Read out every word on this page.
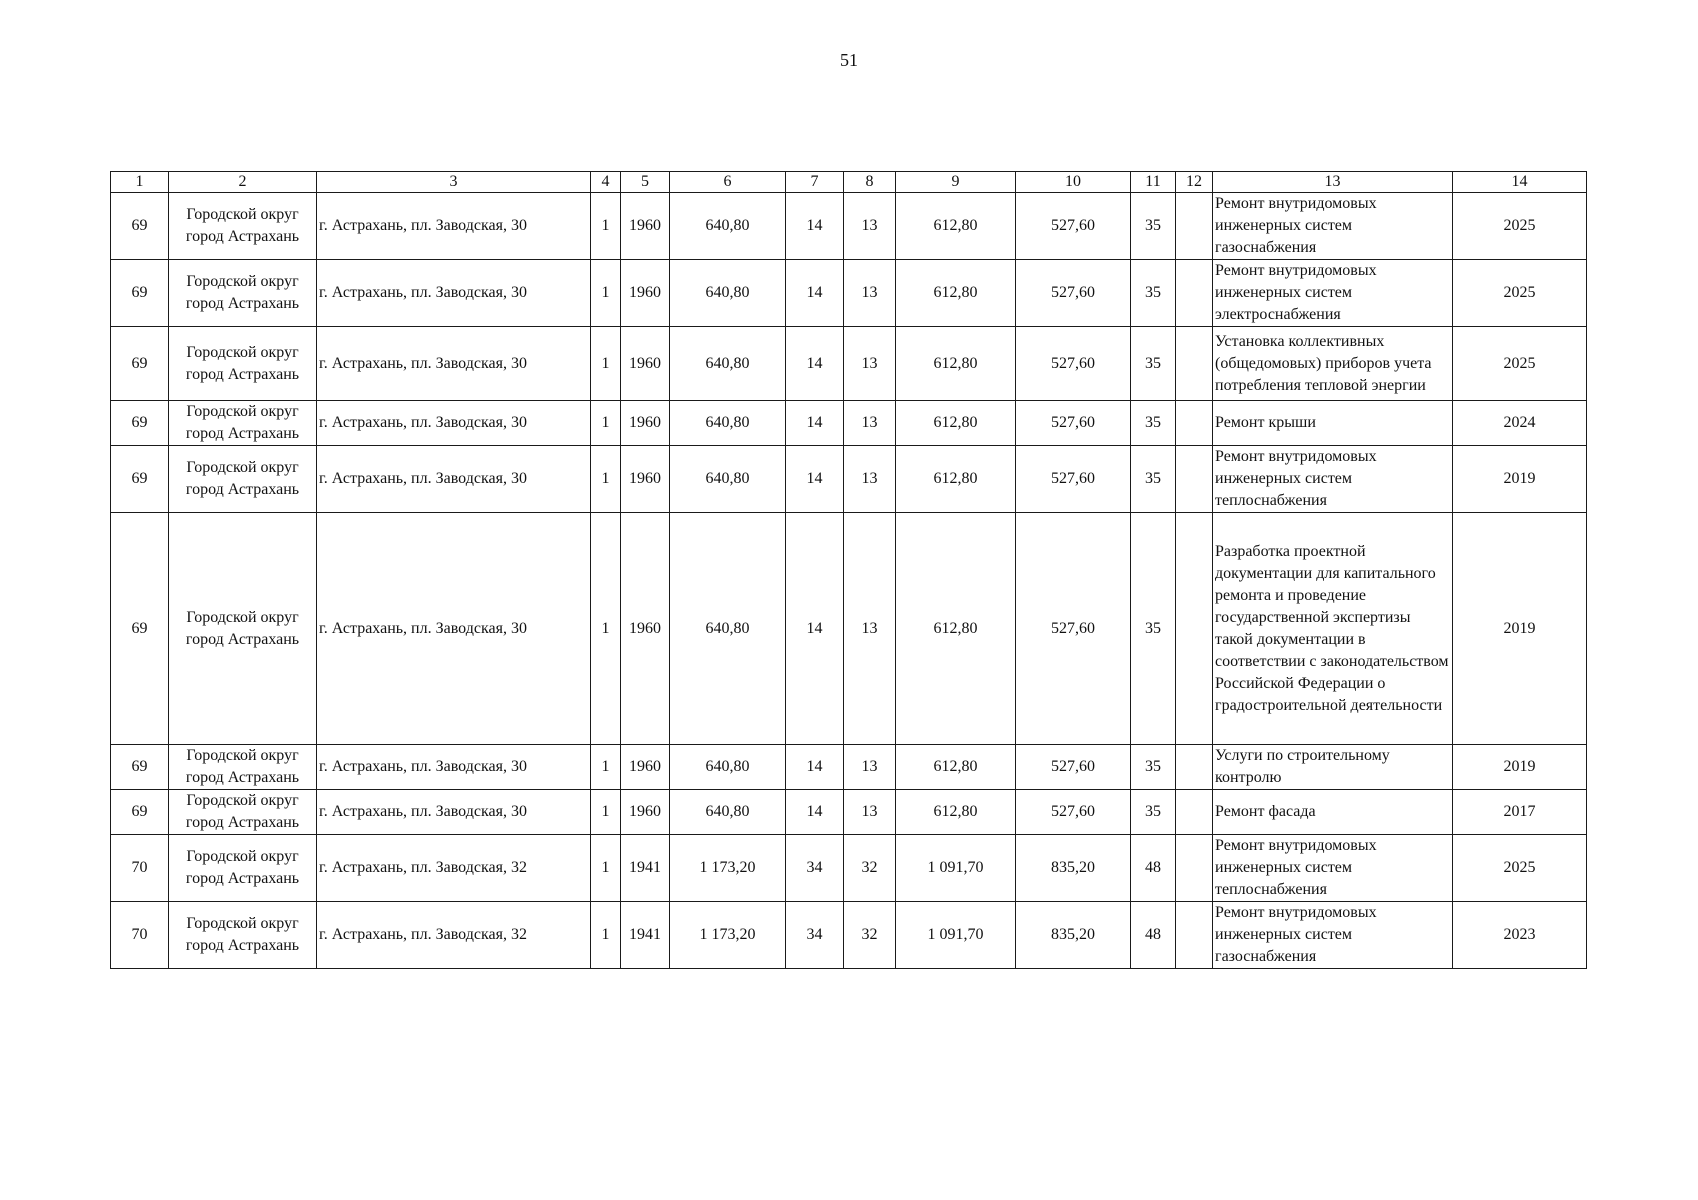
51
1	2	3	4	5	6	7	8	9	10	11	12	13	14
69	Городской округ город Астрахань	г. Астрахань, пл. Заводская, 30	1	1960	640,80	14	13	612,80	527,60	35		Ремонт внутридомовых инженерных систем газоснабжения	2025
69	Городской округ город Астрахань	г. Астрахань, пл. Заводская, 30	1	1960	640,80	14	13	612,80	527,60	35		Ремонт внутридомовых инженерных систем электроснабжения	2025
69	Городской округ город Астрахань	г. Астрахань, пл. Заводская, 30	1	1960	640,80	14	13	612,80	527,60	35		Установка коллективных (общедомовых) приборов учета потребления тепловой энергии	2025
69	Городской округ город Астрахань	г. Астрахань, пл. Заводская, 30	1	1960	640,80	14	13	612,80	527,60	35		Ремонт крыши	2024
69	Городской округ город Астрахань	г. Астрахань, пл. Заводская, 30	1	1960	640,80	14	13	612,80	527,60	35		Ремонт внутридомовых инженерных систем теплоснабжения	2019
69	Городской округ город Астрахань	г. Астрахань, пл. Заводская, 30	1	1960	640,80	14	13	612,80	527,60	35		Разработка проектной документации для капитального ремонта и проведение государственной экспертизы такой документации в соответствии с законодательством Российской Федерации о градостроительной деятельности	2019
69	Городской округ город Астрахань	г. Астрахань, пл. Заводская, 30	1	1960	640,80	14	13	612,80	527,60	35		Услуги по строительному контролю	2019
69	Городской округ город Астрахань	г. Астрахань, пл. Заводская, 30	1	1960	640,80	14	13	612,80	527,60	35		Ремонт фасада	2017
70	Городской округ город Астрахань	г. Астрахань, пл. Заводская, 32	1	1941	1 173,20	34	32	1 091,70	835,20	48		Ремонт внутридомовых инженерных систем теплоснабжения	2025
70	Городской округ город Астрахань	г. Астрахань, пл. Заводская, 32	1	1941	1 173,20	34	32	1 091,70	835,20	48		Ремонт внутридомовых инженерных систем газоснабжения	2023
